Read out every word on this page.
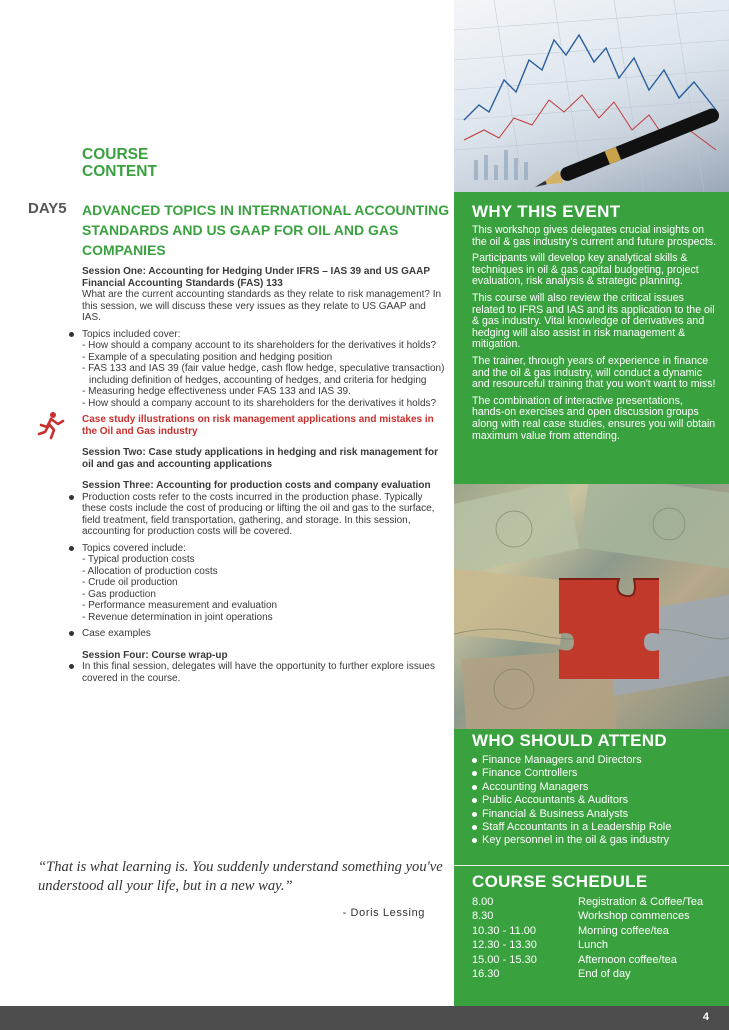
WHY THIS EVENT

This workshop gives delegates crucial insights on the oil & gas industry's current and future prospects.

Participants will develop key analytical skills & techniques in oil & gas capital budgeting, project evaluation, risk analysis & strategic planning.

This course will also review the critical issues related to IFRS and IAS and its application to the oil & gas industry. Vital knowledge of derivatives and hedging will also assist in risk management & mitigation.

The trainer, through years of experience in finance and the oil & gas industry, will conduct a dynamic and resourceful training that you won't want to miss!

The combination of interactive presentations, hands-on exercises and open discussion groups along with real case studies, ensures you will obtain maximum value from attending.

WHO SHOULD ATTEND
Finance Managers and Directors
Finance Controllers
Accounting Managers
Public Accountants & Auditors
Financial & Business Analysts
Staff Accountants in a Leadership Role
Key personnel in the oil & gas industry
COURSE SCHEDULE
8.00	Registration & Coffee/Tea
8.30	Workshop commences
10.30 - 11.00	Morning coffee/tea
12.30 - 13.30	Lunch
15.00 - 15.30	Afternoon coffee/tea
16.30	End of day
4
COURSE
CONTENT
DAY5 ADVANCED TOPICS IN INTERNATIONAL ACCOUNTING STANDARDS AND US GAAP FOR OIL AND GAS COMPANIES
Session One: Accounting for Hedging Under IFRS – IAS 39 and US GAAP Financial Accounting Standards (FAS) 133
What are the current accounting standards as they relate to risk management? In this session, we will discuss these very issues as they relate to US GAAP and IAS.
Topics included cover:
- How should a company account to its shareholders for the derivatives it holds?
- Example of a speculating position and hedging position
- FAS 133 and IAS 39 (fair value hedge, cash flow hedge, speculative transaction) including definition of hedges, accounting of hedges, and criteria for hedging
- Measuring hedge effectiveness under FAS 133 and IAS 39.
- How should a company account to its shareholders for the derivatives it holds?
Case study illustrations on risk management applications and mistakes in the Oil and Gas industry
Session Two: Case study applications in hedging and risk management for oil and gas and accounting applications
Session Three: Accounting for production costs and company evaluation
Production costs refer to the costs incurred in the production phase. Typically these costs include the cost of producing or lifting the oil and gas to the surface, field treatment, field transportation, gathering, and storage. In this session, accounting for production costs will be covered.
Topics covered include:
- Typical production costs
- Allocation of production costs
- Crude oil production
- Gas production
- Performance measurement and evaluation
- Revenue determination in joint operations
Case examples
Session Four: Course wrap-up
In this final session, delegates will have the opportunity to further explore issues covered in the course.
“That is what learning is. You suddenly understand something you've understood all your life, but in a new way.”
- Doris Lessing
